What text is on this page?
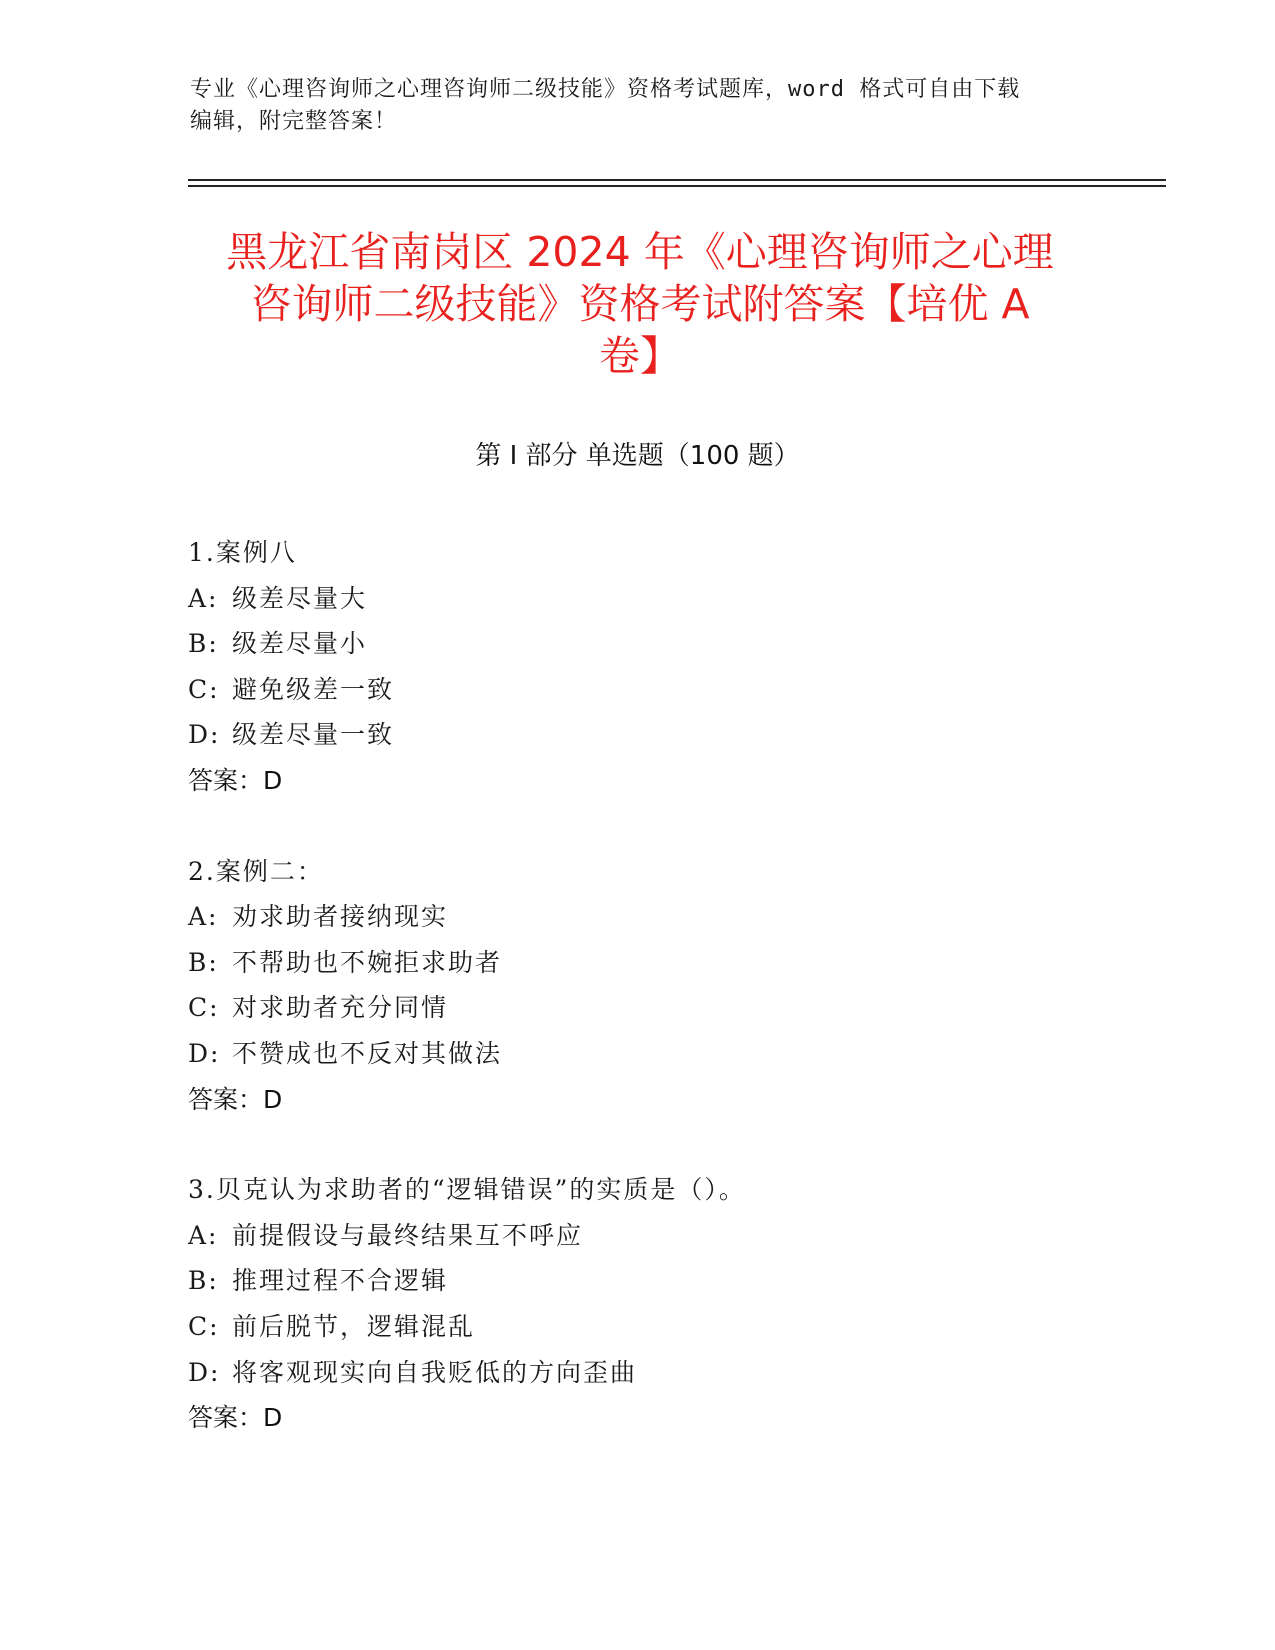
专业《心理咨询师之心理咨询师二级技能》资格考试题库，word 格式可自由下载
编辑，附完整答案！
黑龙江省南岗区 2024 年《心理咨询师之心理
咨询师二级技能》资格考试附答案【培优 A
卷】
第 I 部分 单选题（100 题）
1.案例八
A: 级差尽量大
B: 级差尽量小
C: 避免级差一致
D: 级差尽量一致
答案：D
2.案例二：
A: 劝求助者接纳现实
B: 不帮助也不婉拒求助者
C: 对求助者充分同情
D: 不赞成也不反对其做法
答案：D
3.贝克认为求助者的“逻辑错误”的实质是（）。
A: 前提假设与最终结果互不呼应
B: 推理过程不合逻辑
C: 前后脱节，逻辑混乱
D: 将客观现实向自我贬低的方向歪曲
答案：D
